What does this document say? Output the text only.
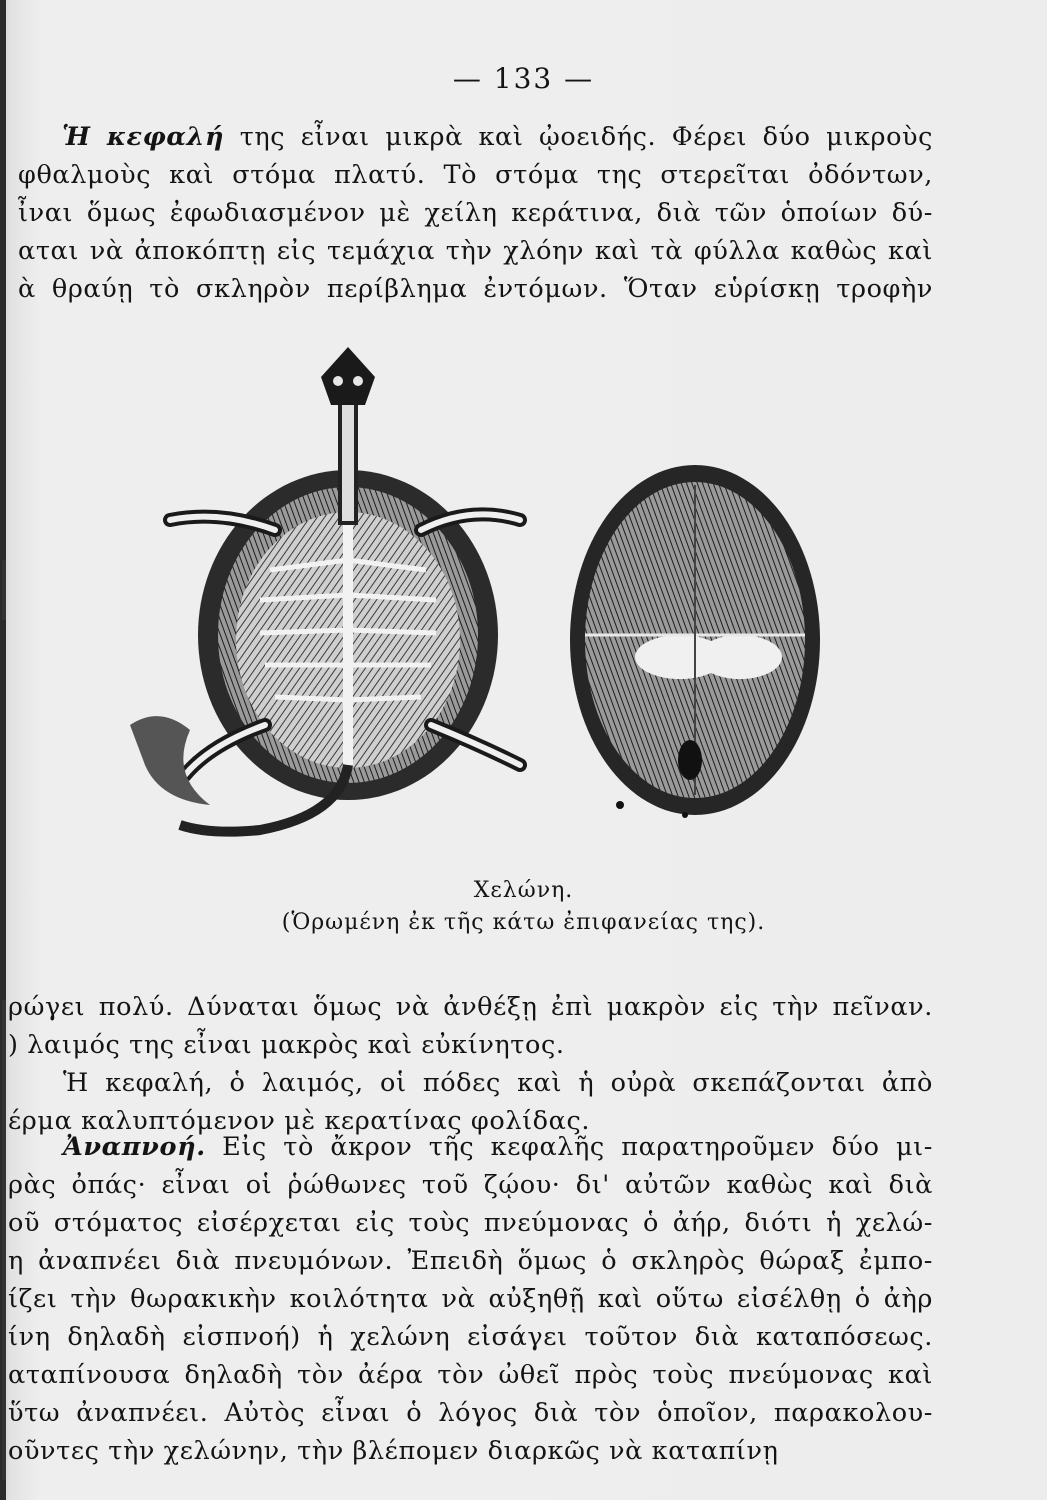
— 133 —
Ἡ κεφαλή της εἶναι μικρὰ καὶ ᾠοειδής. Φέρει δύο μικροὺς
φθαλμοὺς καὶ στόμα πλατύ. Τὸ στόμα της στερεῖται ὀδόντων,
ἶναι ὅμως ἐφωδιασμένον μὲ χείλη κεράτινα, διὰ τῶν ὁποίων δύ-
αται νὰ ἀποκόπτῃ εἰς τεμάχια τὴν χλόην καὶ τὰ φύλλα καθὼς καὶ
ὰ θραύῃ τὸ σκληρὸν περίβλημα ἐντόμων. Ὅταν εὑρίσκῃ τροφὴν
Χελώνη.
(Ὁρωμένη ἐκ τῆς κάτω ἐπιφανείας της).
ρώγει πολύ. Δύναται ὅμως νὰ ἀνθέξῃ ἐπὶ μακρὸν εἰς τὴν πεῖναν.
) λαιμός της εἶναι μακρὸς καὶ εὐκίνητος.
Ἡ κεφαλή, ὁ λαιμός, οἱ πόδες καὶ ἡ οὐρὰ σκεπάζονται ἀπὸ
έρμα καλυπτόμενον μὲ κερατίνας φολίδας.
Ἀναπνοή. Εἰς τὸ ἄκρον τῆς κεφαλῆς παρατηροῦμεν δύο μι-
ρὰς ὀπάς· εἶναι οἱ ῥώθωνες τοῦ ζῴου· δι' αὐτῶν καθὼς καὶ διὰ
οῦ στόματος εἰσέρχεται εἰς τοὺς πνεύμονας ὁ ἀήρ, διότι ἡ χελώ-
η ἀναπνέει διὰ πνευμόνων. Ἐπειδὴ ὅμως ὁ σκληρὸς θώραξ ἐμπο-
ίζει τὴν θωρακικὴν κοιλότητα νὰ αὐξηθῇ καὶ οὕτω εἰσέλθῃ ὁ ἀὴρ
ίνη δηλαδὴ εἰσπνοή) ἡ χελώνη εἰσάγει τοῦτον διὰ καταπόσεως.
αταπίνουσα δηλαδὴ τὸν ἀέρα τὸν ὠθεῖ πρὸς τοὺς πνεύμονας καὶ
ὕτω ἀναπνέει. Αὐτὸς εἶναι ὁ λόγος διὰ τὸν ὁποῖον, παρακολου-
οῦντες τὴν χελώνην, τὴν βλέπομεν διαρκῶς νὰ καταπίνῃ
